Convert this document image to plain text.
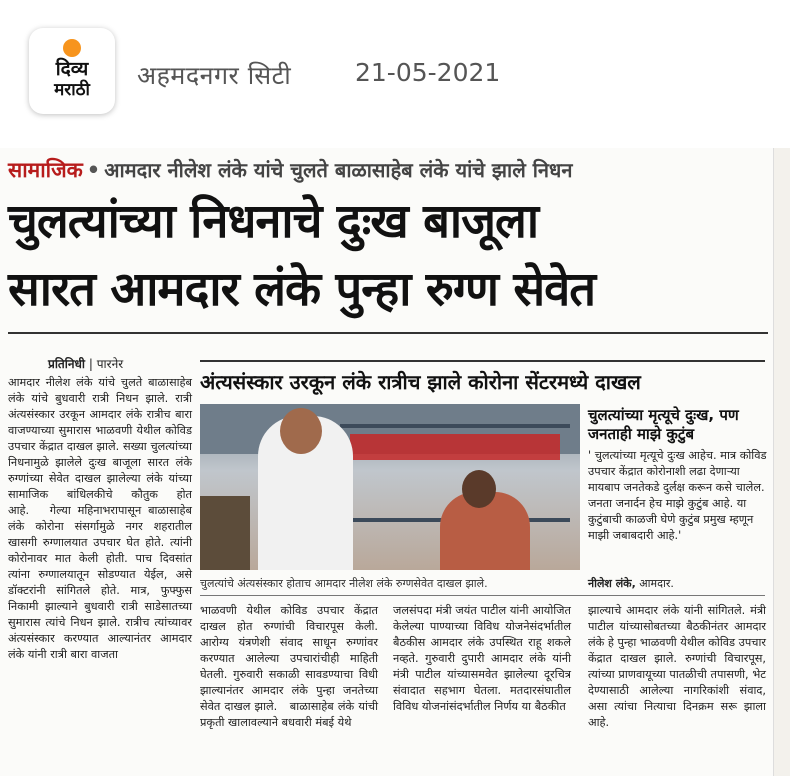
दिव्य
मराठी	अहमदनगर सिटी	21-05-2021
सामाजिक • आमदार नीलेश लंके यांचे चुलते बाळासाहेब लंके यांचे झाले निधन
चुलत्यांच्या निधनाचे दुःख बाजूला
सारत आमदार लंके पुन्हा रुग्ण सेवेत
प्रतिनिधी | पारनेर
आमदार नीलेश लंके यांचे चुलते बाळासाहेब लंके यांचे बुधवारी रात्री निधन झाले. रात्री अंत्यसंस्कार उरकून आमदार लंके रात्रीच बारा वाजण्याच्या सुमारास भाळवणी येथील कोविड उपचार केंद्रात दाखल झाले. सख्या चुलत्यांच्या निधनामुळे झालेले दुःख बाजूला सारत लंके रुग्णांच्या सेवेत दाखल झालेल्या लंके यांच्या सामाजिक बांधिलकीचे कौतुक होत आहे.   गेल्या महिनाभरापासून बाळासाहेब लंके कोरोना संसर्गामुळे नगर शहरातील खासगी रुग्णालयात उपचार घेत होते. त्यांनी कोरोनावर मात केली होती. पाच दिवसांत त्यांना रुग्णालयातून सोडण्यात येईल, असे डॉक्टरांनी सांगितले होते. मात्र, फुफ्फुस निकामी झाल्याने बुधवारी रात्री साडेसातच्या सुमारास त्यांचे निधन झाले. रात्रीच त्यांच्यावर अंत्यसंस्कार करण्यात आल्यानंतर आमदार लंके यांनी रात्री बारा वाजता
अंत्यसंस्कार उरकून लंके रात्रीच झाले कोरोना सेंटरमध्ये दाखल
चुलत्यांचे अंत्यसंस्कार होताच आमदार नीलेश लंके रुग्णसेवेत दाखल झाले.
चुलत्यांच्या मृत्यूचे दुःख, पण जनताही माझे कुटुंब
' चुलत्यांच्या मृत्यूचे दुःख आहेच. मात्र कोविड उपचार केंद्रात कोरोनाशी लढा देणाऱ्या मायबाप जनतेकडे दुर्लक्ष करून कसे चालेल. जनता जनार्दन हेच माझे कुटुंब आहे. या कुटुंबाची काळजी घेणे कुटुंब प्रमुख म्हणून माझी जबाबदारी आहे.'
नीलेश लंके, आमदार.
भाळवणी येथील कोविड उपचार केंद्रात दाखल होत रुग्णांची विचारपूस केली. आरोग्य यंत्रणेशी संवाद साधून रुग्णांवर करण्यात आलेल्या उपचारांचीही माहिती घेतली. गुरुवारी सकाळी सावडण्याचा विधी झाल्यानंतर आमदार लंके पुन्हा जनतेच्या सेवेत दाखल झाले.   बाळासाहेब लंके यांची प्रकृती खालावल्याने बधवारी मंबई येथे
जलसंपदा मंत्री जयंत पाटील यांनी आयोजित केलेल्या पाण्याच्या विविध योजनेसंदर्भातील बैठकीस आमदार लंके उपस्थित राहू शकले नव्हते. गुरुवारी दुपारी आमदार लंके यांनी मंत्री पाटील यांच्यासमवेत झालेल्या दूरचित्र संवादात सहभाग घेतला. मतदारसंघातील विविध योजनांसंदर्भातील निर्णय या बैठकीत
झाल्याचे आमदार लंके यांनी सांगितले. मंत्री पाटील यांच्यासोबतच्या बैठकीनंतर आमदार लंके हे पुन्हा भाळवणी येथील कोविड उपचार केंद्रात दाखल झाले. रुग्णांची विचारपूस, त्यांच्या प्राणवायूच्या पातळीची तपासणी, भेट देण्यासाठी आलेल्या नागरिकांशी संवाद, असा त्यांचा नित्याचा दिनक्रम सरू झाला आहे.
